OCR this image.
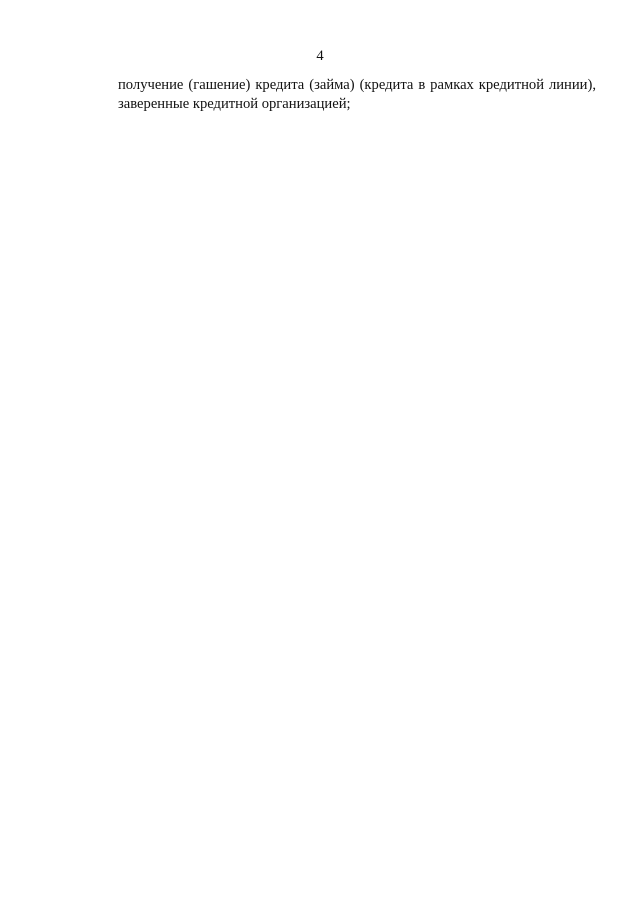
4

получение (гашение) кредита (займа) (кредита в рамках кредитной линии), заверенные кредитной организацией;
